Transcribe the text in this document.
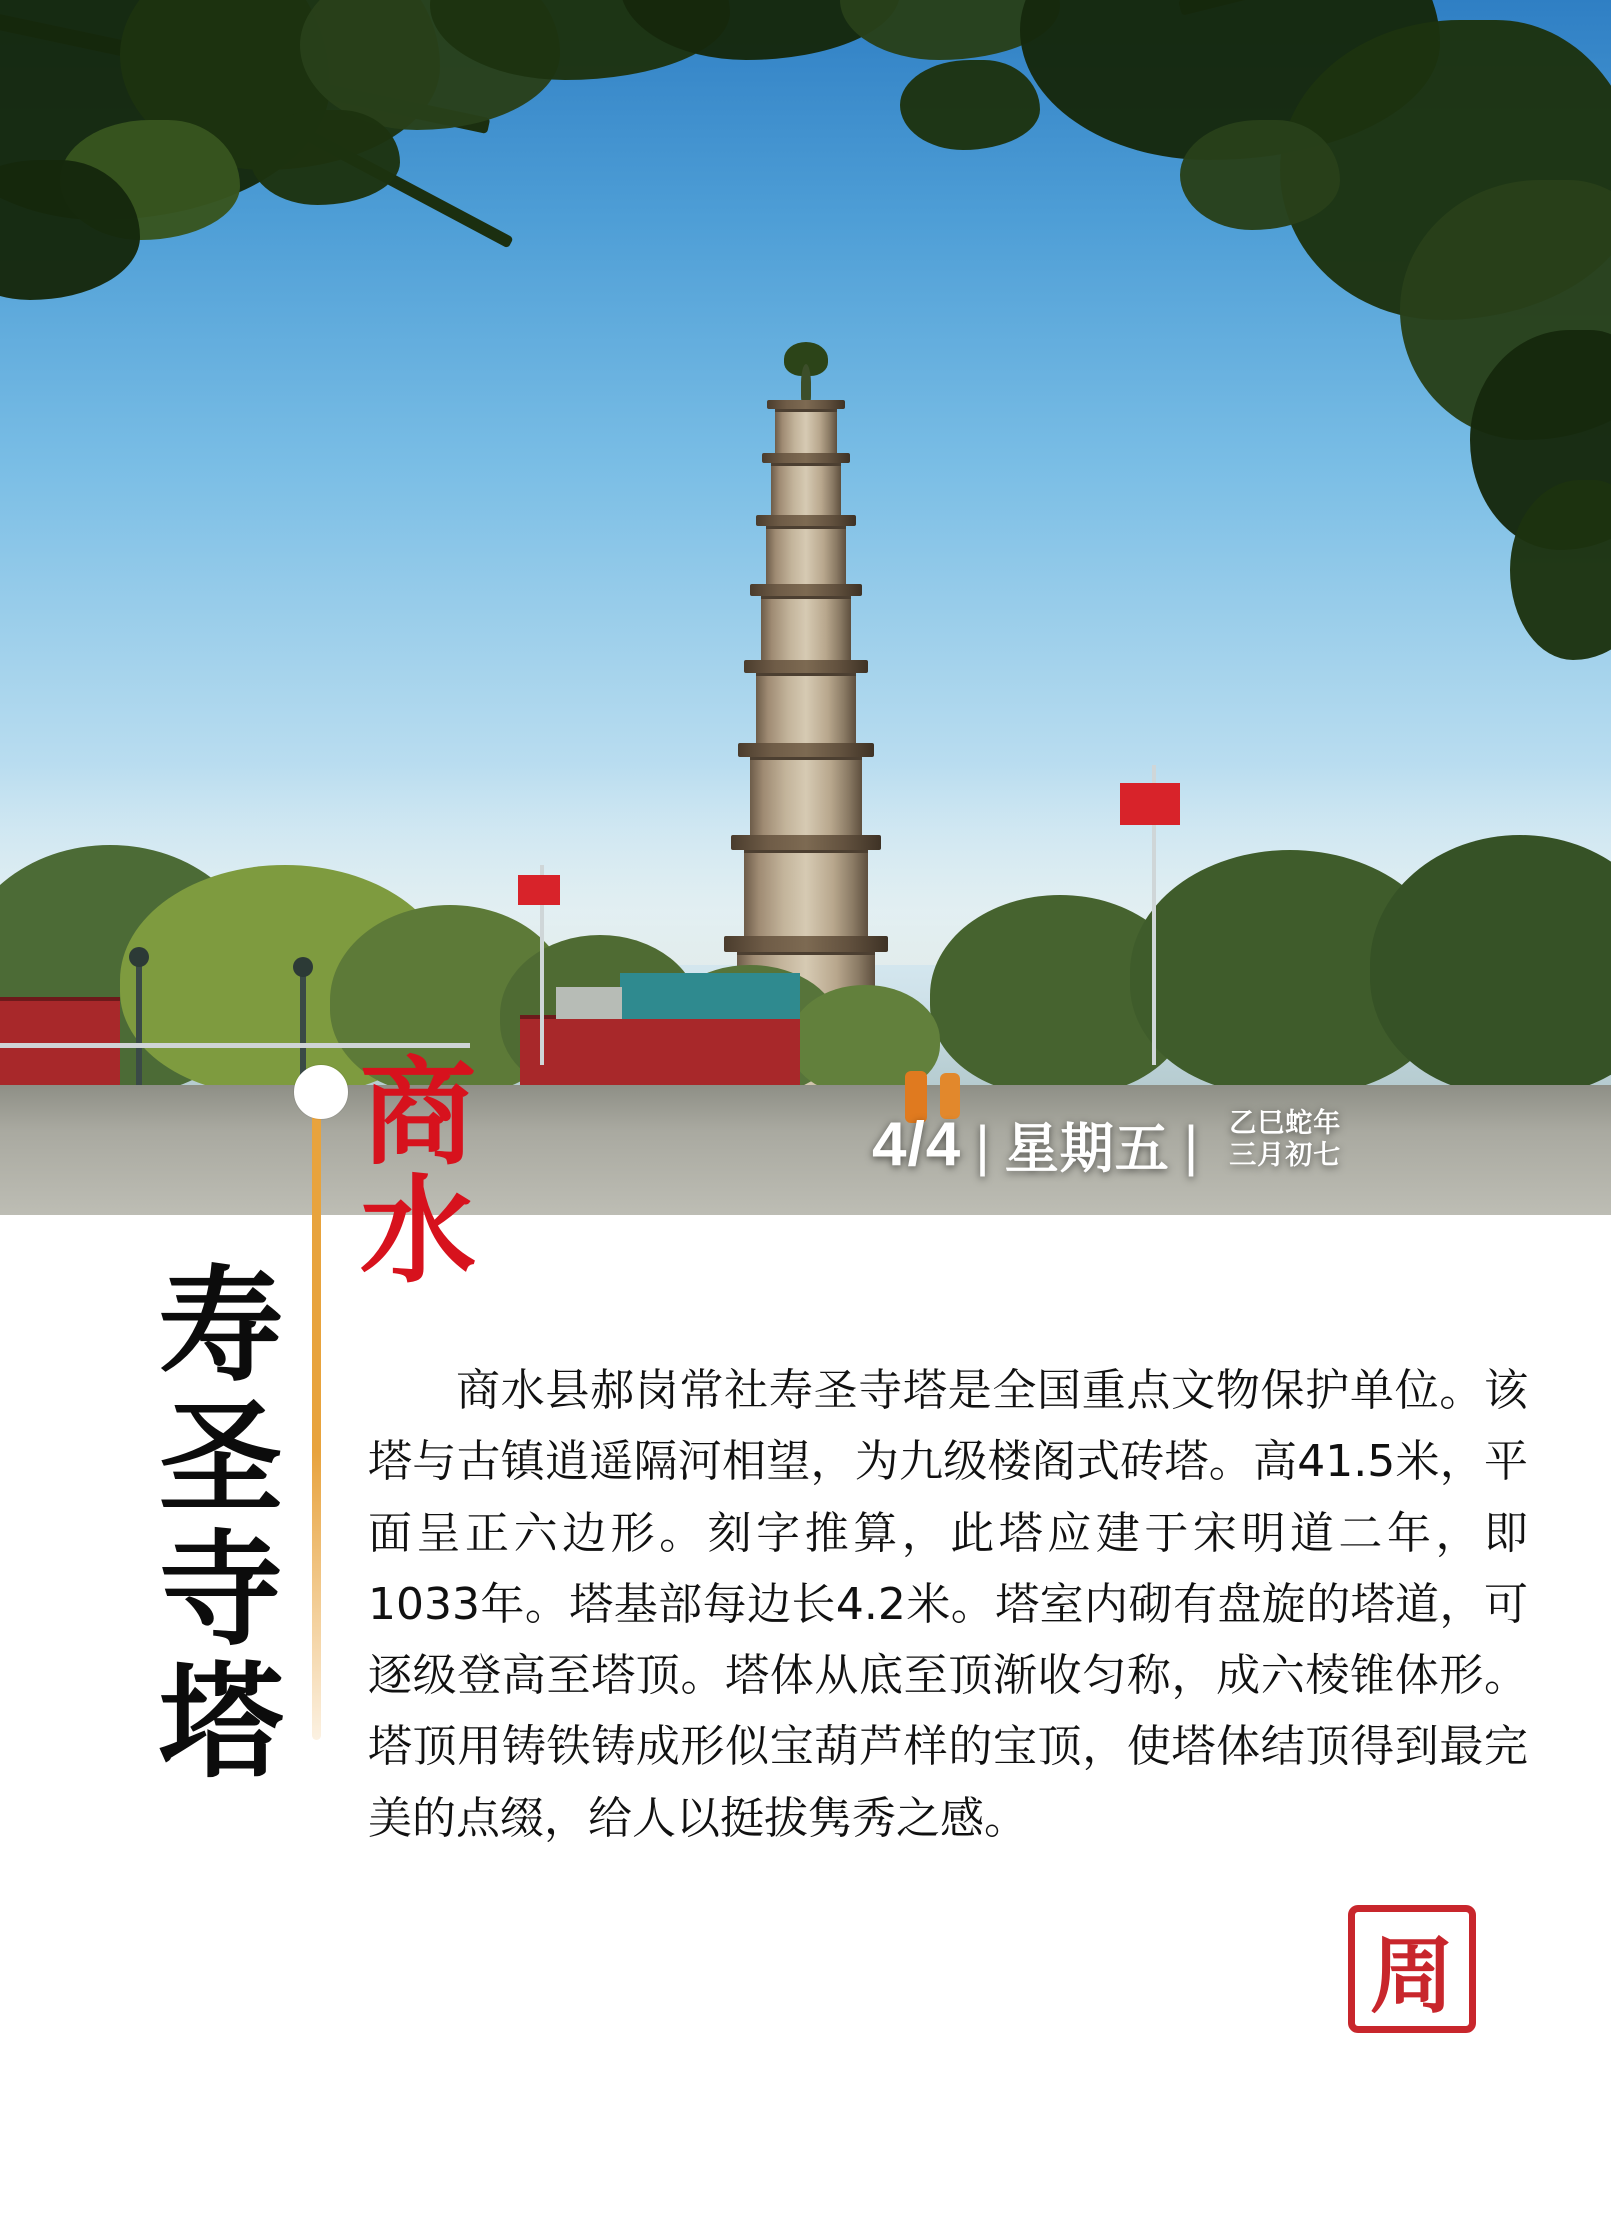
4/4 | 星期五 | 乙巳蛇年
三月初七
寿圣寺塔
商水
商水县郝岗常社寿圣寺塔是全国重点文物保护单位。该塔与古镇逍遥隔河相望，为九级楼阁式砖塔。高41.5米，平面呈正六边形。刻字推算，此塔应建于宋明道二年，即1033年。塔基部每边长4.2米。塔室内砌有盘旋的塔道，可逐级登高至塔顶。塔体从底至顶渐收匀称，成六棱锥体形。塔顶用铸铁铸成形似宝葫芦样的宝顶，使塔体结顶得到最完美的点缀，给人以挺拔隽秀之感。
周
